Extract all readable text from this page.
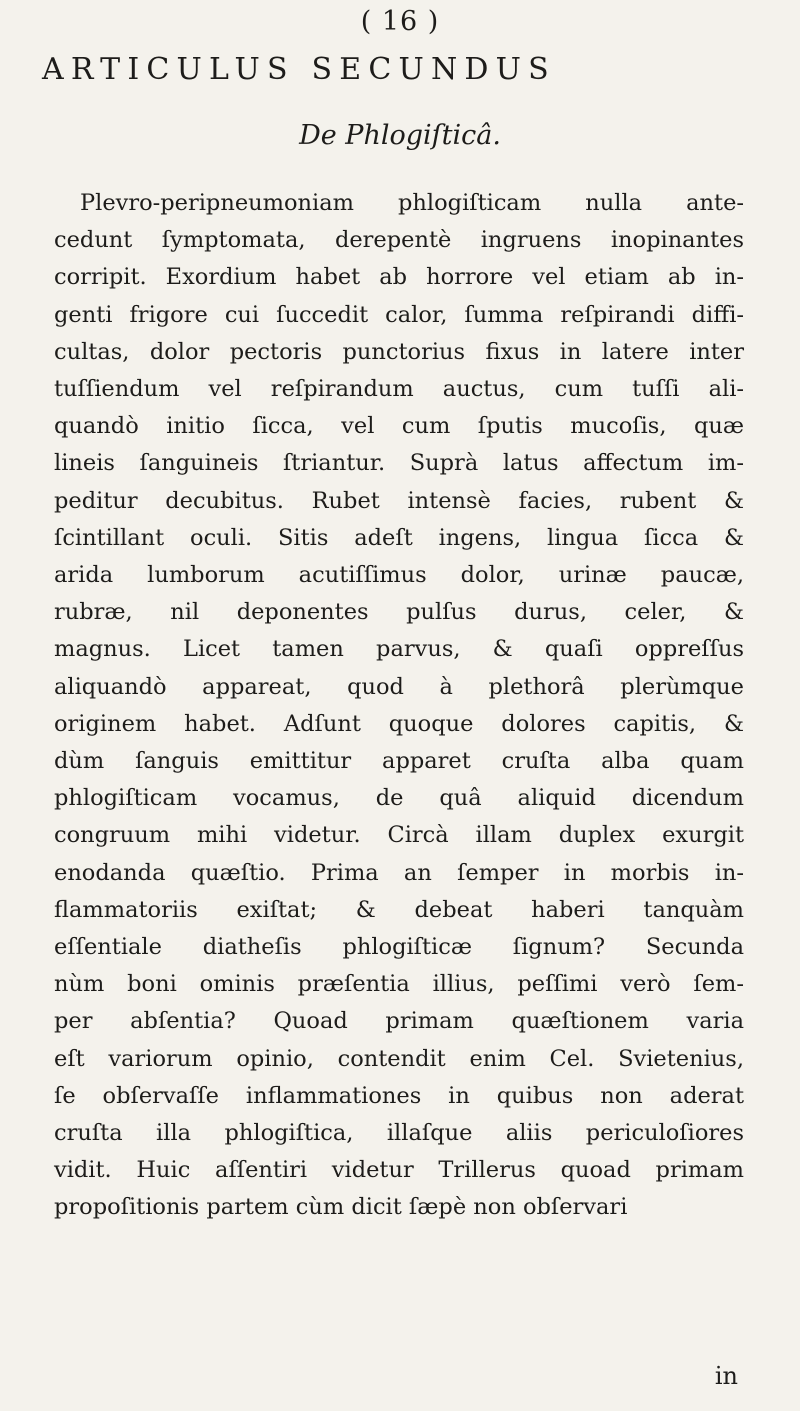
( 16 )
ARTICULUS SECUNDUS
De Phlogiſticâ.
Plevro-peripneumoniam phlogiſticam nulla ante-
cedunt ſymptomata, derepentè ingruens inopinantes
corripit. Exordium habet ab horrore vel etiam ab in-
genti frigore cui ſuccedit calor, ſumma reſpirandi diffi-
cultas, dolor pectoris punctorius fixus in latere inter
tuſſiendum vel reſpirandum auctus, cum tuſſi ali-
quandò initio ſicca, vel cum ſputis mucoſis, quæ
lineis ſanguineis ſtriantur. Suprà latus affectum im-
peditur decubitus. Rubet intensè facies, rubent &
ſcintillant oculi. Sitis adeſt ingens, lingua ſicca &
arida lumborum acutiſſimus dolor, urinæ paucæ,
rubræ, nil deponentes pulſus durus, celer, &
magnus. Licet tamen parvus, & quaſi oppreſſus
aliquandò appareat, quod à plethorâ plerùmque
originem habet. Adſunt quoque dolores capitis, &
dùm ſanguis emittitur apparet cruſta alba quam
phlogiſticam vocamus, de quâ aliquid dicendum
congruum mihi videtur. Circà illam duplex exurgit
enodanda quæſtio. Prima an ſemper in morbis in-
flammatoriis exiſtat; & debeat haberi tanquàm
eſſentiale diatheſis phlogiſticæ ſignum? Secunda
nùm boni ominis præſentia illius, peſſimi verò ſem-
per abſentia? Quoad primam quæſtionem varia
eſt variorum opinio, contendit enim Cel. Svietenius,
ſe obſervaſſe inflammationes in quibus non aderat
cruſta illa phlogiſtica, illaſque aliis periculoſiores
vidit. Huic aſſentiri videtur Trillerus quoad primam
propoſitionis partem cùm dicit ſæpè non obſervari
in
